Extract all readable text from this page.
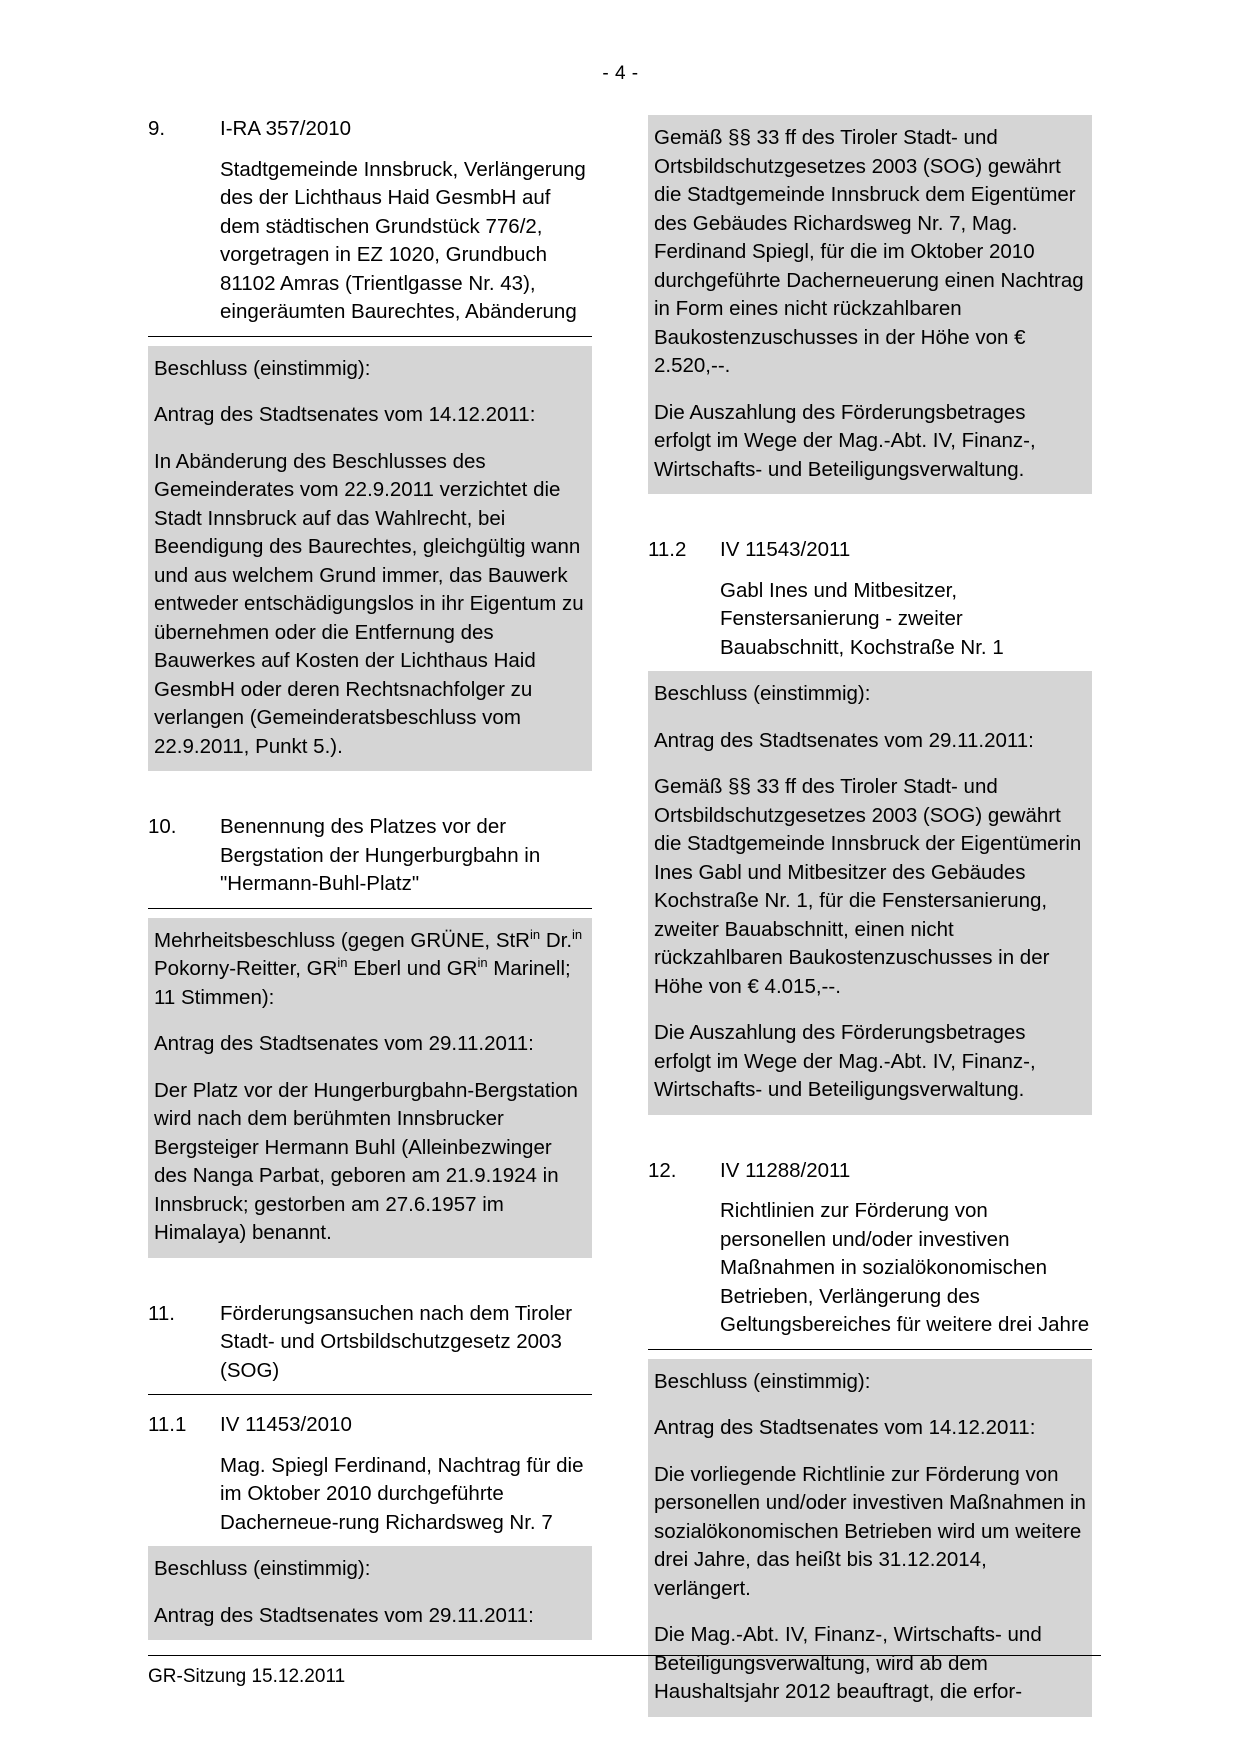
- 4 -
9.	I-RA 357/2010
Stadtgemeinde Innsbruck, Verlängerung des der Lichthaus Haid GesmbH auf dem städtischen Grundstück 776/2, vorgetragen in EZ 1020, Grundbuch 81102 Amras (Trientlgasse Nr. 43), eingeräumten Baurechtes, Abänderung

Beschluss (einstimmig):

Antrag des Stadtsenates vom 14.12.2011:

In Abänderung des Beschlusses des Gemeinderates vom 22.9.2011 verzichtet die Stadt Innsbruck auf das Wahlrecht, bei Beendigung des Baurechtes, gleichgültig wann und aus welchem Grund immer, das Bauwerk entweder entschädigungslos in ihr Eigentum zu übernehmen oder die Entfernung des Bauwerkes auf Kosten der Lichthaus Haid GesmbH oder deren Rechtsnachfolger zu verlangen (Gemeinderatsbeschluss vom 22.9.2011, Punkt 5.).

10.	Benennung des Platzes vor der Bergstation der Hungerburgbahn in "Hermann-Buhl-Platz"

Mehrheitsbeschluss (gegen GRÜNE, StR$^{in}$ Dr.$^{in}$ Pokorny-Reitter, $GR^{in}$ Eberl und $GR^{in}$ Marinell; 11 Stimmen):

Antrag des Stadtsenates vom 29.11.2011:

Der Platz vor der Hungerburgbahn-Bergstation wird nach dem berühmten Innsbrucker Bergsteiger Hermann Buhl (Alleinbezwinger des Nanga Parbat, geboren am 21.9.1924 in Innsbruck; gestorben am 27.6.1957 im Himalaya) benannt.

11.	Förderungsansuchen nach dem Tiroler Stadt- und Ortsbildschutzgesetz 2003 (SOG)
11.1	IV 11453/2010
Mag. Spiegl Ferdinand, Nachtrag für die im Oktober 2010 durchgeführte Dacherneue-rung Richardsweg Nr. 7

Beschluss (einstimmig):

Antrag des Stadtsenates vom 29.11.2011:

Gemäß §§ 33 ff des Tiroler Stadt- und Ortsbildschutzgesetzes 2003 (SOG) gewährt die Stadtgemeinde Innsbruck dem Eigentümer des Gebäudes Richardsweg Nr. 7, Mag. Ferdinand Spiegl, für die im Oktober 2010 durchgeführte Dacherneuerung einen Nachtrag in Form eines nicht rückzahlbaren Baukostenzuschusses in der Höhe von € 2.520,--.

Die Auszahlung des Förderungsbetrages erfolgt im Wege der Mag.-Abt. IV, Finanz-, Wirtschafts- und Beteiligungsverwaltung.

11.2	IV 11543/2011
Gabl Ines und Mitbesitzer, Fenstersanierung - zweiter Bauabschnitt, Kochstraße Nr. 1

Beschluss (einstimmig):

Antrag des Stadtsenates vom 29.11.2011:

Gemäß §§ 33 ff des Tiroler Stadt- und Ortsbildschutzgesetzes 2003 (SOG) gewährt die Stadtgemeinde Innsbruck der Eigentümerin Ines Gabl und Mitbesitzer des Gebäudes Kochstraße Nr. 1, für die Fenstersanierung, zweiter Bauabschnitt, einen nicht rückzahlbaren Baukostenzuschusses in der Höhe von € 4.015,--.

Die Auszahlung des Förderungsbetrages erfolgt im Wege der Mag.-Abt. IV, Finanz-, Wirtschafts- und Beteiligungsverwaltung.

12.	IV 11288/2011
Richtlinien zur Förderung von personellen und/oder investiven Maßnahmen in sozialökonomischen Betrieben, Verlängerung des Geltungsbereiches für weitere drei Jahre

Beschluss (einstimmig):

Antrag des Stadtsenates vom 14.12.2011:

Die vorliegende Richtlinie zur Förderung von personellen und/oder investiven Maßnahmen in sozialökonomischen Betrieben wird um weitere drei Jahre, das heißt bis 31.12.2014, verlängert.

Die Mag.-Abt. IV, Finanz-, Wirtschafts- und Beteiligungsverwaltung, wird ab dem Haushaltsjahr 2012 beauftragt, die erfor-

GR-Sitzung 15.12.2011
